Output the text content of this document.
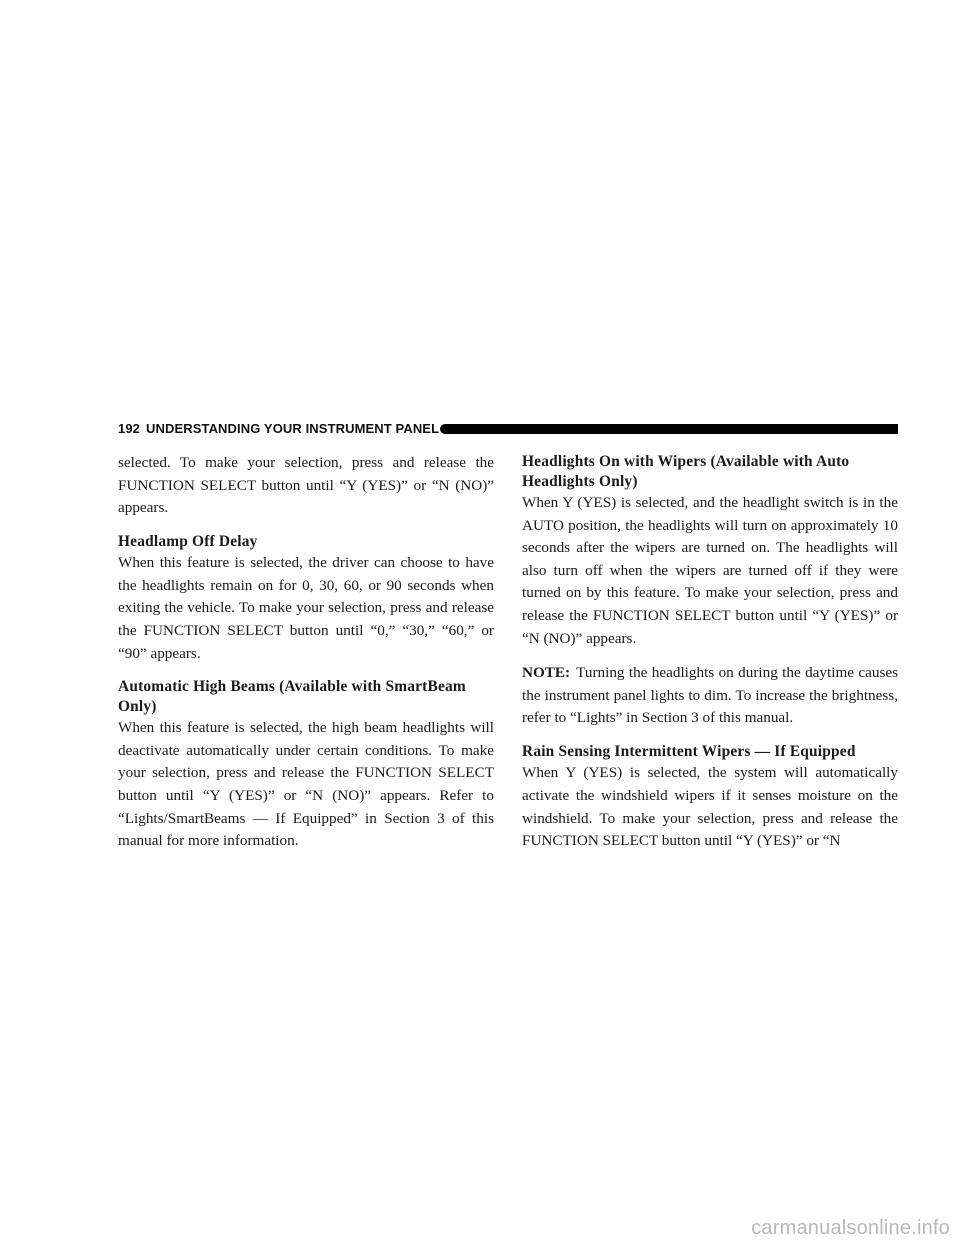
192 UNDERSTANDING YOUR INSTRUMENT PANEL

selected. To make your selection, press and release the FUNCTION SELECT button until “Y (YES)” or “N (NO)” appears.

Headlamp Off Delay

When this feature is selected, the driver can choose to have the headlights remain on for 0, 30, 60, or 90 seconds when exiting the vehicle. To make your selection, press and release the FUNCTION SELECT button until “0,” “30,” “60,” or “90” appears.

Automatic High Beams (Available with SmartBeam Only)

When this feature is selected, the high beam headlights will deactivate automatically under certain conditions. To make your selection, press and release the FUNCTION SELECT button until “Y (YES)” or “N (NO)” appears. Refer to “Lights/SmartBeams — If Equipped” in Section 3 of this manual for more information.

Headlights On with Wipers (Available with Auto Headlights Only)

When Y (YES) is selected, and the headlight switch is in the AUTO position, the headlights will turn on approximately 10 seconds after the wipers are turned on. The headlights will also turn off when the wipers are turned off if they were turned on by this feature. To make your selection, press and release the FUNCTION SELECT button until “Y (YES)” or “N (NO)” appears.

NOTE: Turning the headlights on during the daytime causes the instrument panel lights to dim. To increase the brightness, refer to “Lights” in Section 3 of this manual.

Rain Sensing Intermittent Wipers — If Equipped

When Y (YES) is selected, the system will automatically activate the windshield wipers if it senses moisture on the windshield. To make your selection, press and release the FUNCTION SELECT button until “Y (YES)” or “N

carmanualsonline.info
